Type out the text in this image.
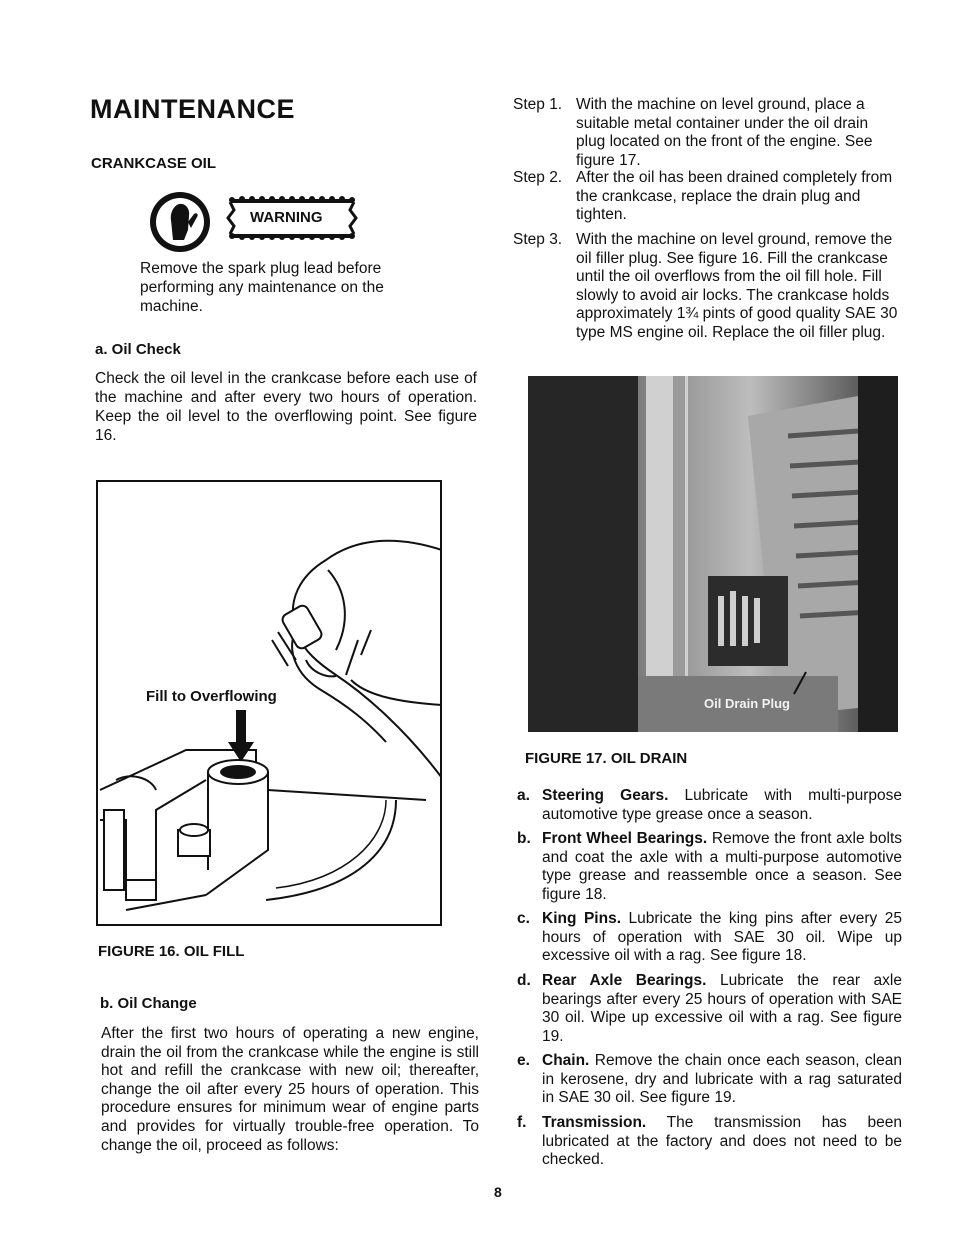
MAINTENANCE
CRANKCASE OIL
WARNING
Remove the spark plug lead before performing any maintenance on the machine.
a. Oil Check
Check the oil level in the crankcase before each use of the machine and after every two hours of operation. Keep the oil level to the overflowing point. See figure 16.
Fill to Overflowing
FIGURE 16. OIL FILL
b. Oil Change
After the first two hours of operating a new engine, drain the oil from the crankcase while the engine is still hot and refill the crankcase with new oil; thereafter, change the oil after every 25 hours of operation. This procedure ensures for minimum wear of engine parts and provides for virtually trouble-free operation. To change the oil, proceed as follows:
Step 1. With the machine on level ground, place a suitable metal container under the oil drain plug located on the front of the engine. See figure 17.
Step 2. After the oil has been drained completely from the crankcase, replace the drain plug and tighten.
Step 3. With the machine on level ground, remove the oil filler plug. See figure 16. Fill the crankcase until the oil overflows from the oil fill hole. Fill slowly to avoid air locks. The crankcase holds approximately 1¾ pints of good quality SAE 30 type MS engine oil. Replace the oil filler plug.
Oil Drain Plug
FIGURE 17. OIL DRAIN
a. Steering Gears. Lubricate with multi-purpose automotive type grease once a season.
b. Front Wheel Bearings. Remove the front axle bolts and coat the axle with a multi-purpose automotive type grease and reassemble once a season. See figure 18.
c. King Pins. Lubricate the king pins after every 25 hours of operation with SAE 30 oil. Wipe up excessive oil with a rag. See figure 18.
d. Rear Axle Bearings. Lubricate the rear axle bearings after every 25 hours of operation with SAE 30 oil. Wipe up excessive oil with a rag. See figure 19.
e. Chain. Remove the chain once each season, clean in kerosene, dry and lubricate with a rag saturated in SAE 30 oil. See figure 19.
f. Transmission. The transmission has been lubricated at the factory and does not need to be checked.
8
